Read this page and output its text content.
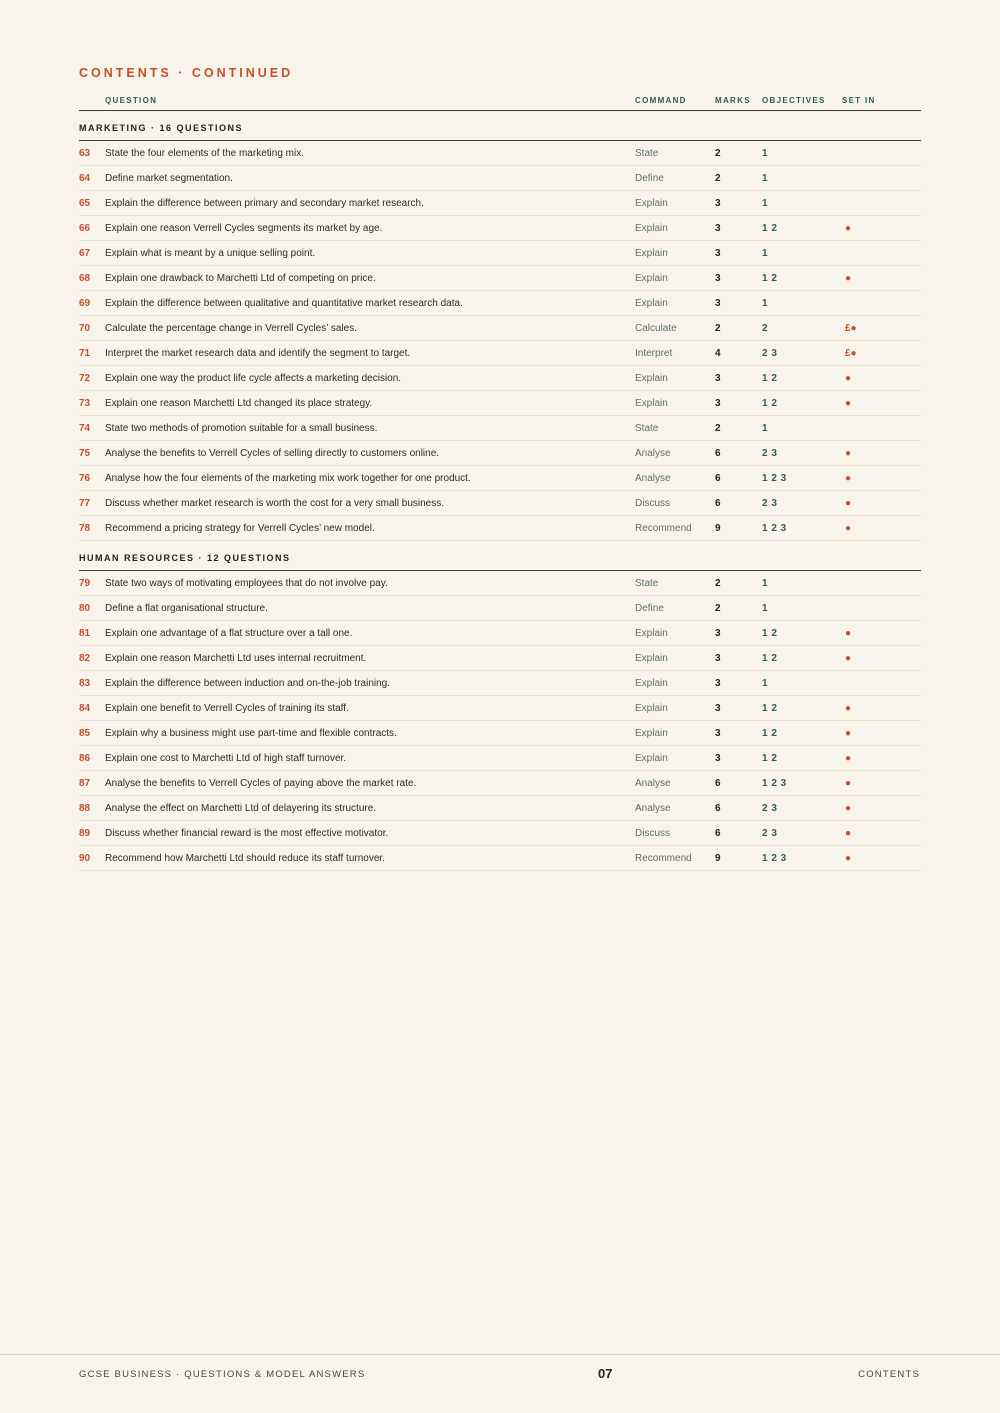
CONTENTS · CONTINUED
QUESTION	COMMAND	MARKS	OBJECTIVES	SET IN
MARKETING · 16 QUESTIONS
63	State the four elements of the marketing mix.	State	2	1
64	Define market segmentation.	Define	2	1
65	Explain the difference between primary and secondary market research.	Explain	3	1
66	Explain one reason Verrell Cycles segments its market by age.	Explain	3	1 2	●
67	Explain what is meant by a unique selling point.	Explain	3	1
68	Explain one drawback to Marchetti Ltd of competing on price.	Explain	3	1 2	●
69	Explain the difference between qualitative and quantitative market research data.	Explain	3	1
70	Calculate the percentage change in Verrell Cycles’ sales.	Calculate	2	2	£●
71	Interpret the market research data and identify the segment to target.	Interpret	4	2 3	£●
72	Explain one way the product life cycle affects a marketing decision.	Explain	3	1 2	●
73	Explain one reason Marchetti Ltd changed its place strategy.	Explain	3	1 2	●
74	State two methods of promotion suitable for a small business.	State	2	1
75	Analyse the benefits to Verrell Cycles of selling directly to customers online.	Analyse	6	2 3	●
76	Analyse how the four elements of the marketing mix work together for one product.	Analyse	6	1 2 3	●
77	Discuss whether market research is worth the cost for a very small business.	Discuss	6	2 3	●
78	Recommend a pricing strategy for Verrell Cycles’ new model.	Recommend	9	1 2 3	●
HUMAN RESOURCES · 12 QUESTIONS
79	State two ways of motivating employees that do not involve pay.	State	2	1
80	Define a flat organisational structure.	Define	2	1
81	Explain one advantage of a flat structure over a tall one.	Explain	3	1 2	●
82	Explain one reason Marchetti Ltd uses internal recruitment.	Explain	3	1 2	●
83	Explain the difference between induction and on-the-job training.	Explain	3	1
84	Explain one benefit to Verrell Cycles of training its staff.	Explain	3	1 2	●
85	Explain why a business might use part-time and flexible contracts.	Explain	3	1 2	●
86	Explain one cost to Marchetti Ltd of high staff turnover.	Explain	3	1 2	●
87	Analyse the benefits to Verrell Cycles of paying above the market rate.	Analyse	6	1 2 3	●
88	Analyse the effect on Marchetti Ltd of delayering its structure.	Analyse	6	2 3	●
89	Discuss whether financial reward is the most effective motivator.	Discuss	6	2 3	●
90	Recommend how Marchetti Ltd should reduce its staff turnover.	Recommend	9	1 2 3	●
GCSE BUSINESS · QUESTIONS & MODEL ANSWERS	07	CONTENTS
